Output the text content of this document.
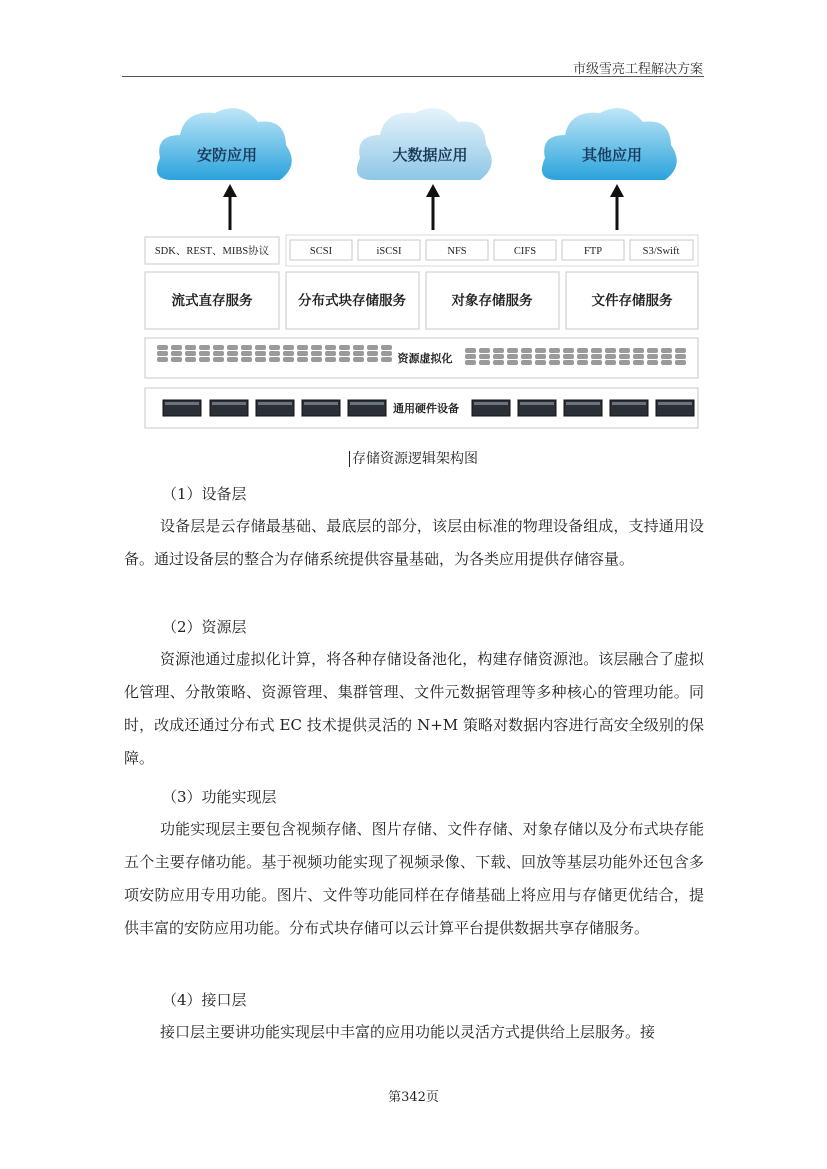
市级雪亮工程解决方案
安防应用	大数据应用	其他应用
SDK、REST、MIBS协议	SCSI	iSCSI	NFS	CIFS	FTP	S3/Swift
流式直存服务	分布式块存储服务	对象存储服务	文件存储服务
资源虚拟化
通用硬件设备
存储资源逻辑架构图
（1）设备层
设备层是云存储最基础、最底层的部分，该层由标准的物理设备组成，支持通用设备。通过设备层的整合为存储系统提供容量基础，为各类应用提供存储容量。
（2）资源层
资源池通过虚拟化计算，将各种存储设备池化，构建存储资源池。该层融合了虚拟化管理、分散策略、资源管理、集群管理、文件元数据管理等多种核心的管理功能。同时，改成还通过分布式 EC 技术提供灵活的 N+M 策略对数据内容进行高安全级别的保障。
（3）功能实现层
功能实现层主要包含视频存储、图片存储、文件存储、对象存储以及分布式块存能五个主要存储功能。基于视频功能实现了视频录像、下载、回放等基层功能外还包含多项安防应用专用功能。图片、文件等功能同样在存储基础上将应用与存储更优结合，提供丰富的安防应用功能。分布式块存储可以云计算平台提供数据共享存储服务。
（4）接口层
接口层主要讲功能实现层中丰富的应用功能以灵活方式提供给上层服务。接
第342页
